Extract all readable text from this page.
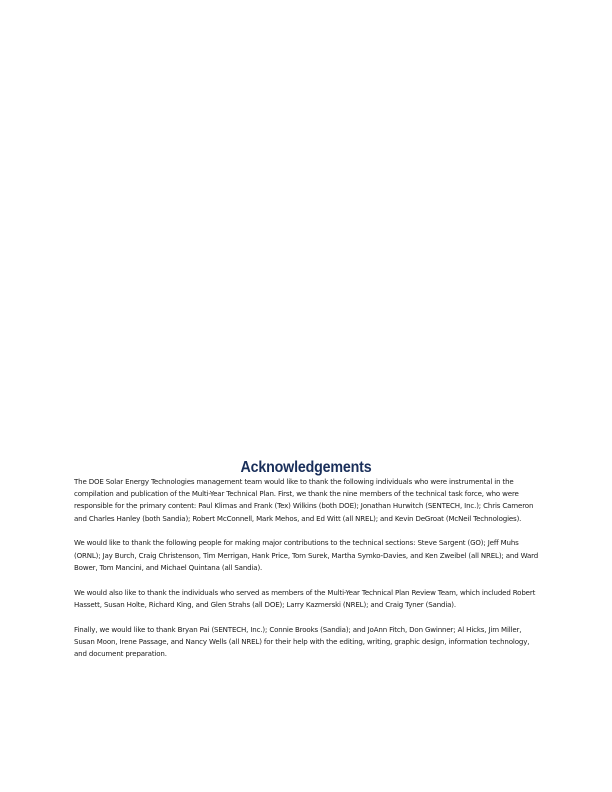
Acknowledgements

The DOE Solar Energy Technologies management team would like to thank the following individuals who were instrumental in the compilation and publication of the Multi-Year Technical Plan. First, we thank the nine members of the technical task force, who were responsible for the primary content: Paul Klimas and Frank (Tex) Wilkins (both DOE); Jonathan Hurwitch (SENTECH, Inc.); Chris Cameron and Charles Hanley (both Sandia); Robert McConnell, Mark Mehos, and Ed Witt (all NREL); and Kevin DeGroat (McNeil Technologies).

We would like to thank the following people for making major contributions to the technical sections: Steve Sargent (GO); Jeff Muhs (ORNL); Jay Burch, Craig Christenson, Tim Merrigan, Hank Price, Tom Surek, Martha Symko-Davies, and Ken Zweibel (all NREL); and Ward Bower, Tom Mancini, and Michael Quintana (all Sandia).

We would also like to thank the individuals who served as members of the Multi-Year Technical Plan Review Team, which included Robert Hassett, Susan Holte, Richard King, and Glen Strahs (all DOE); Larry Kazmerski (NREL); and Craig Tyner (Sandia).

Finally, we would like to thank Bryan Pai (SENTECH, Inc.); Connie Brooks (Sandia); and JoAnn Fitch, Don Gwinner; Al Hicks, Jim Miller, Susan Moon, Irene Passage, and Nancy Wells (all NREL) for their help with the editing, writing, graphic design, information technology, and document preparation.
